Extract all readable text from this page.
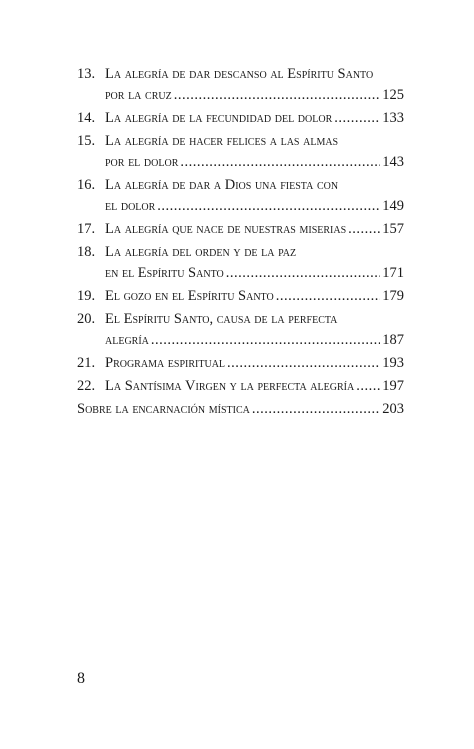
13. La alegría de dar descanso al Espíritu Santo
por la cruz .....	125
14. La alegría de la fecundidad del dolor .....	133
15. La alegría de hacer felices a las almas
por el dolor .....	143
16. La alegría de dar a Dios una fiesta con
el dolor .....	149
17. La alegría que nace de nuestras miserias ..... 157
18. La alegría del orden y de la paz
en el Espíritu Santo .....	171
19. El gozo en el Espíritu Santo .....	179
20. El Espíritu Santo, causa de la perfecta
alegría .....	187
21. Programa espiritual .....	193
22. La Santísima Virgen y la perfecta alegría ..... 197
Sobre la encarnación mística .....	203
8
